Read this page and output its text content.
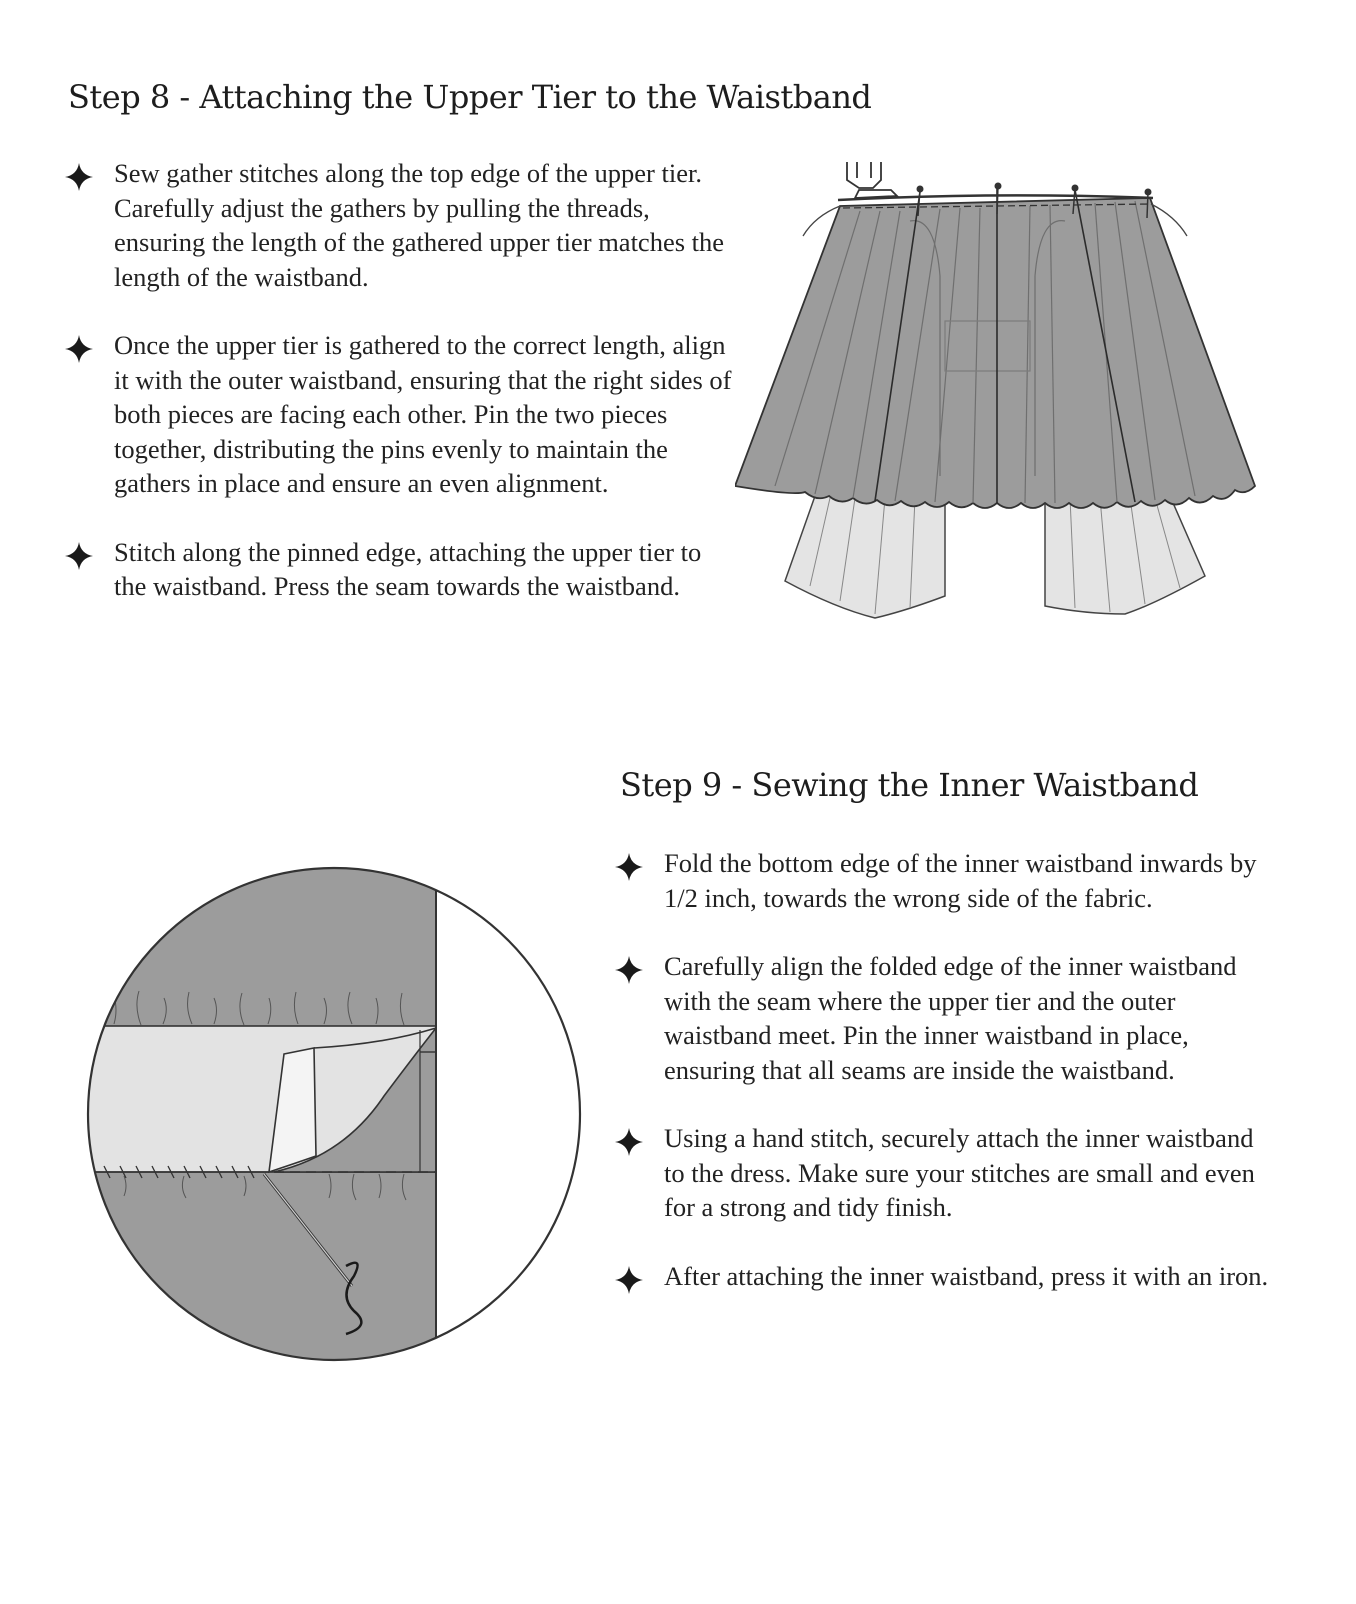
Step 8 - Attaching the Upper Tier to the Waistband
Sew gather stitches along the top edge of the upper tier. Carefully adjust the gathers by pulling the threads, ensuring the length of the gathered upper tier matches the length of the waistband.
Once the upper tier is gathered to the correct length, align it with the outer waistband, ensuring that the right sides of both pieces are facing each other. Pin the two pieces together, distributing the pins evenly to maintain the gathers in place and ensure an even alignment.
Stitch along the pinned edge, attaching the upper tier to the waistband. Press the seam towards the waistband.
Step 9 - Sewing the Inner Waistband
Fold the bottom edge of the inner waistband inwards by 1/2 inch, towards the wrong side of the fabric.
Carefully align the folded edge of the inner waistband with the seam where the upper tier and the outer waistband meet. Pin the inner waistband in place, ensuring that all seams are inside the waistband.
Using a hand stitch, securely attach the inner waistband to the dress. Make sure your stitches are small and even for a strong and tidy finish.
After attaching the inner waistband, press it with an iron.
